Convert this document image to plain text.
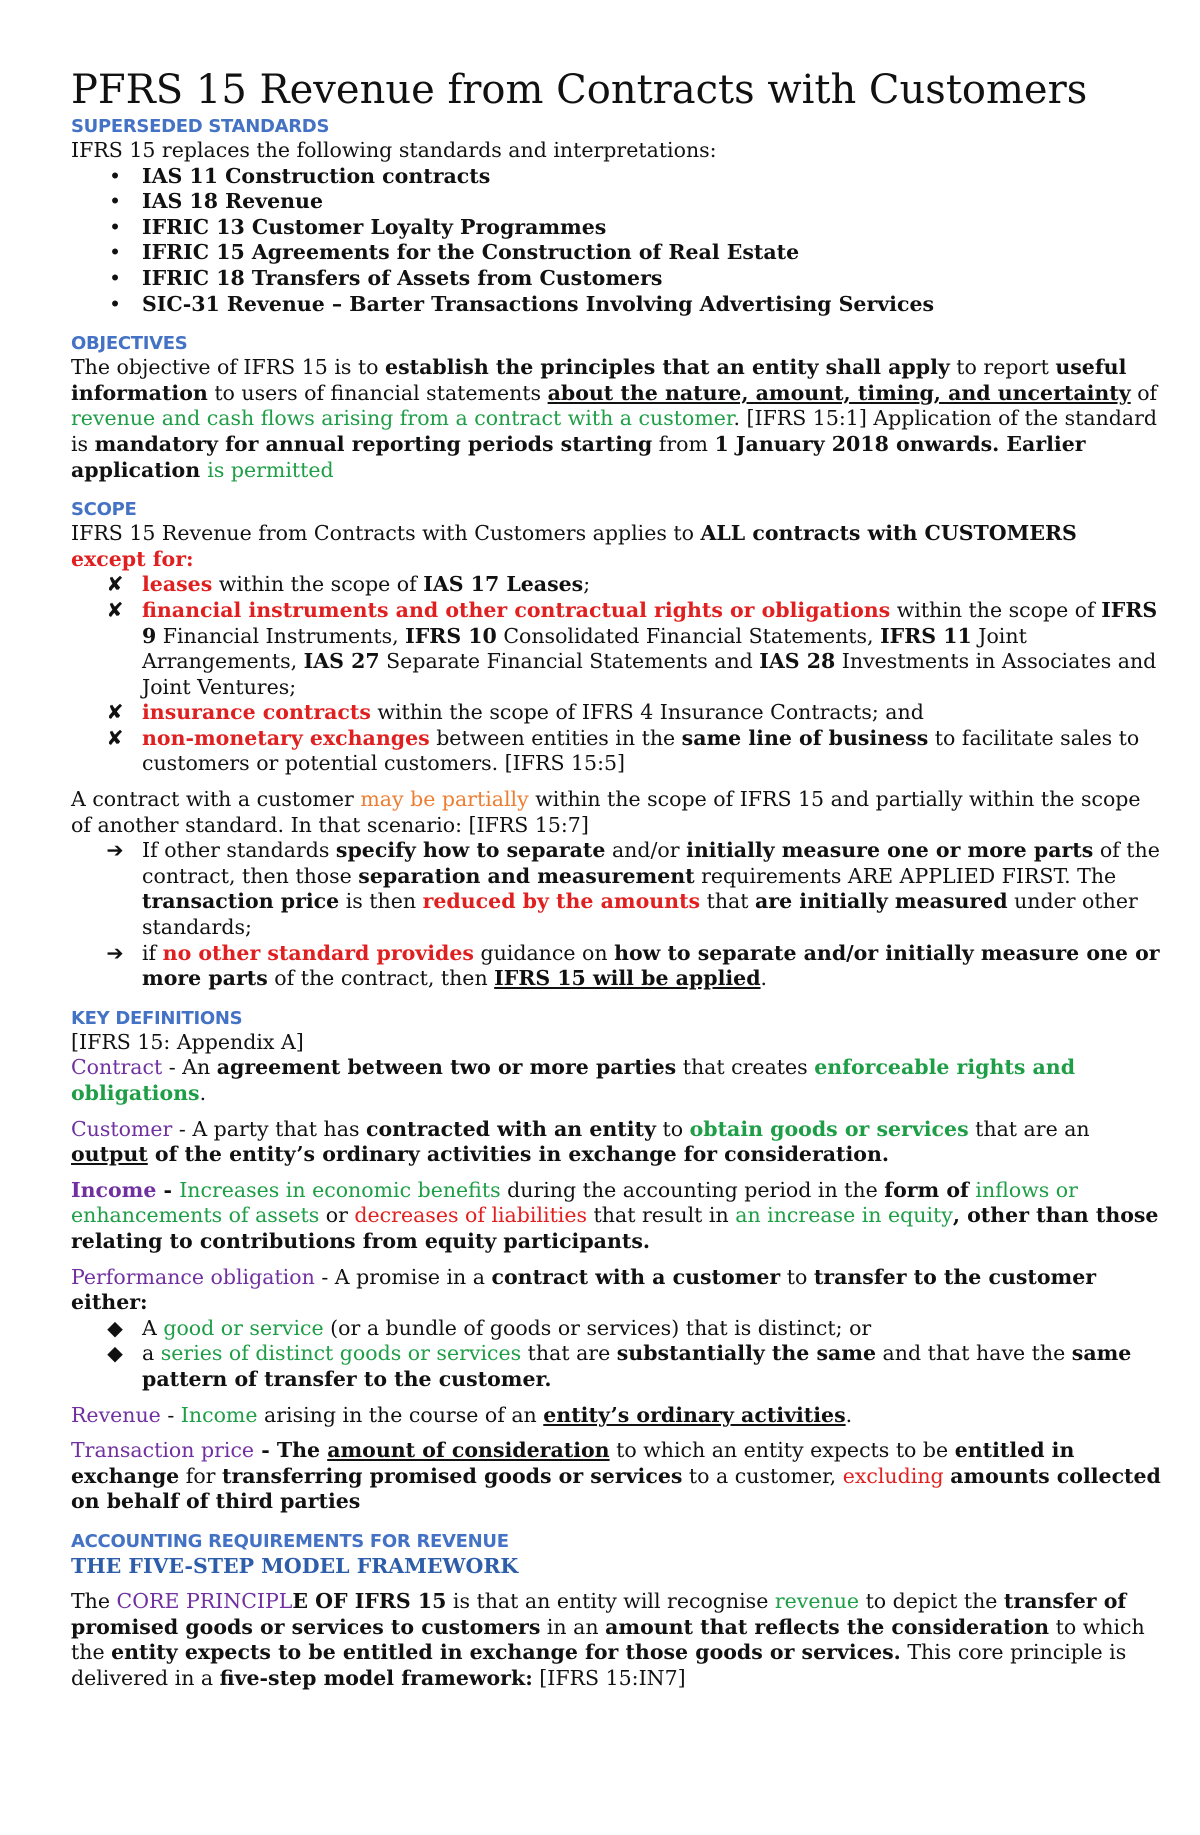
PFRS 15 Revenue from Contracts with Customers
SUPERSEDED STANDARDS

IFRS 15 replaces the following standards and interpretations:

• IAS 11 Construction contracts
• IAS 18 Revenue
• IFRIC 13 Customer Loyalty Programmes
• IFRIC 15 Agreements for the Construction of Real Estate
• IFRIC 18 Transfers of Assets from Customers
• SIC-31 Revenue – Barter Transactions Involving Advertising Services
OBJECTIVES

The objective of IFRS 15 is to establish the principles that an entity shall apply to report useful information to users of financial statements about the nature, amount, timing, and uncertainty of revenue and cash flows arising from a contract with a customer. [IFRS 15:1] Application of the standard is mandatory for annual reporting periods starting from 1 January 2018 onwards. Earlier application is permitted

SCOPE

IFRS 15 Revenue from Contracts with Customers applies to ALL contracts with CUSTOMERS

except for:

✘ leases within the scope of IAS 17 Leases;
✘ financial instruments and other contractual rights or obligations within the scope of IFRS 9 Financial Instruments, IFRS 10 Consolidated Financial Statements, IFRS 11 Joint Arrangements, IAS 27 Separate Financial Statements and IAS 28 Investments in Associates and Joint Ventures;
✘ insurance contracts within the scope of IFRS 4 Insurance Contracts; and
✘ non-monetary exchanges between entities in the same line of business to facilitate sales to customers or potential customers. [IFRS 15:5]

A contract with a customer may be partially within the scope of IFRS 15 and partially within the scope of another standard. In that scenario: [IFRS 15:7]

➔ If other standards specify how to separate and/or initially measure one or more parts of the contract, then those separation and measurement requirements ARE APPLIED FIRST. The transaction price is then reduced by the amounts that are initially measured under other standards;
➔ if no other standard provides guidance on how to separate and/or initially measure one or more parts of the contract, then IFRS 15 will be applied.
KEY DEFINITIONS

[IFRS 15: Appendix A]

Contract - An agreement between two or more parties that creates enforceable rights and obligations.

Customer - A party that has contracted with an entity to obtain goods or services that are an output of the entity’s ordinary activities in exchange for consideration.

Income - Increases in economic benefits during the accounting period in the form of inflows or enhancements of assets or decreases of liabilities that result in an increase in equity, other than those relating to contributions from equity participants.

Performance obligation - A promise in a contract with a customer to transfer to the customer either:

◆ A good or service (or a bundle of goods or services) that is distinct; or
◆ a series of distinct goods or services that are substantially the same and that have the same pattern of transfer to the customer.

Revenue - Income arising in the course of an entity’s ordinary activities.

Transaction price - The amount of consideration to which an entity expects to be entitled in exchange for transferring promised goods or services to a customer, excluding amounts collected on behalf of third parties

ACCOUNTING REQUIREMENTS FOR REVENUE
THE FIVE-STEP MODEL FRAMEWORK

The CORE PRINCIPLE OF IFRS 15 is that an entity will recognise revenue to depict the transfer of promised goods or services to customers in an amount that reflects the consideration to which the entity expects to be entitled in exchange for those goods or services. This core principle is delivered in a five-step model framework: [IFRS 15:IN7]
